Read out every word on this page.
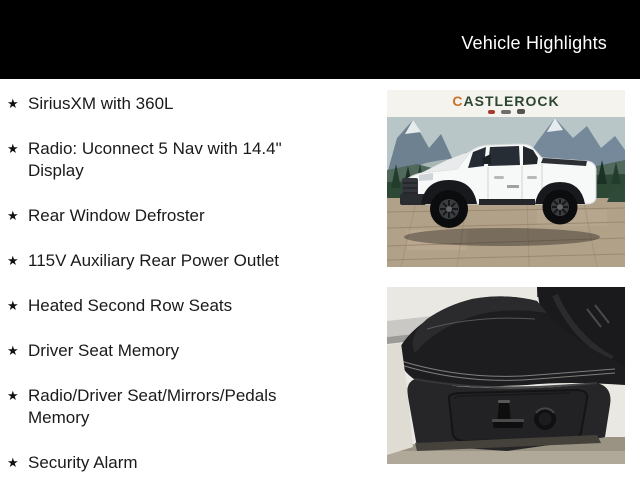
Vehicle Highlights
★ SiriusXM with 360L
★ Radio: Uconnect 5 Nav with 14.4" Display
★ Rear Window Defroster
★ 115V Auxiliary Rear Power Outlet
★ Heated Second Row Seats
★ Driver Seat Memory
★ Radio/Driver Seat/Mirrors/Pedals Memory
★ Security Alarm
CASTLEROCK
